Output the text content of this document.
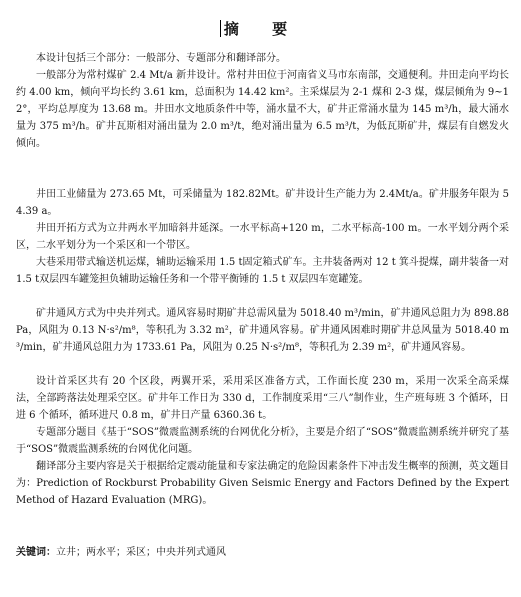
摘 要

本设计包括三个部分：一般部分、专题部分和翻译部分。

一般部分为常村煤矿 2.4 Mt/a 新井设计。常村井田位于河南省义马市东南部，交通便利。井田走向平均长约 4.00 km，倾向平均长约 3.61 km，总面积为 14.42 km²。主采煤层为 2-1 煤和 2-3 煤，煤层倾角为 9~12°，平均总厚度为 13.68 m。井田水文地质条件中等，涌水量不大，矿井正常涌水量为 145 m³/h，最大涌水量为 375 m³/h。矿井瓦斯相对涌出量为 2.0 m³/t，绝对涌出量为 6.5 m³/t，为低瓦斯矿井，煤层有自燃发火倾向。

井田工业储量为 273.65 Mt，可采储量为 182.82Mt。矿井设计生产能力为 2.4Mt/a。矿井服务年限为 54.39 a。

井田开拓方式为立井两水平加暗斜井延深。一水平标高+120 m，二水平标高-100 m。一水平划分两个采区，二水平划分为一个采区和一个带区。

大巷采用带式输送机运煤，辅助运输采用 1.5 t固定箱式矿车。主井装备两对 12 t 箕斗提煤，副井装备一对 1.5 t双层四车罐笼担负辅助运输任务和一个带平衡锤的 1.5 t 双层四车宽罐笼。

矿井通风方式为中央并列式。通风容易时期矿井总需风量为 5018.40 m³/min，矿井通风总阻力为 898.88 Pa，风阻为 0.13 N·s²/m⁸，等积孔为 3.32 m²，矿井通风容易。矿井通风困难时期矿井总风量为 5018.40 m³/min，矿井通风总阻力为 1733.61 Pa，风阻为 0.25 N·s²/m⁸，等积孔为 2.39 m²，矿井通风容易。

设计首采区共有 20 个区段，两翼开采，采用采区准备方式，工作面长度 230 m，采用一次采全高采煤法，全部跨落法处理采空区。矿井年工作日为 330 d，工作制度采用“三八”制作业，生产班每班 3 个循环，日进 6 个循环，循环进尺 0.8 m，矿井日产量 6360.36 t。

专题部分题目《基于“SOS”微震监测系统的台网优化分析》，主要是介绍了“SOS”微震监测系统并研究了基于“SOS”微震监测系统的台网优化问题。

翻译部分主要内容是关于根据给定震动能量和专家法确定的危险因素条件下冲击发生概率的预测，英文题目为：Prediction of Rockburst Probability Given Seismic Energy and Factors Defined by the Expert Method of Hazard Evaluation (MRG)。

关键词：立井；两水平；采区；中央并列式通风
